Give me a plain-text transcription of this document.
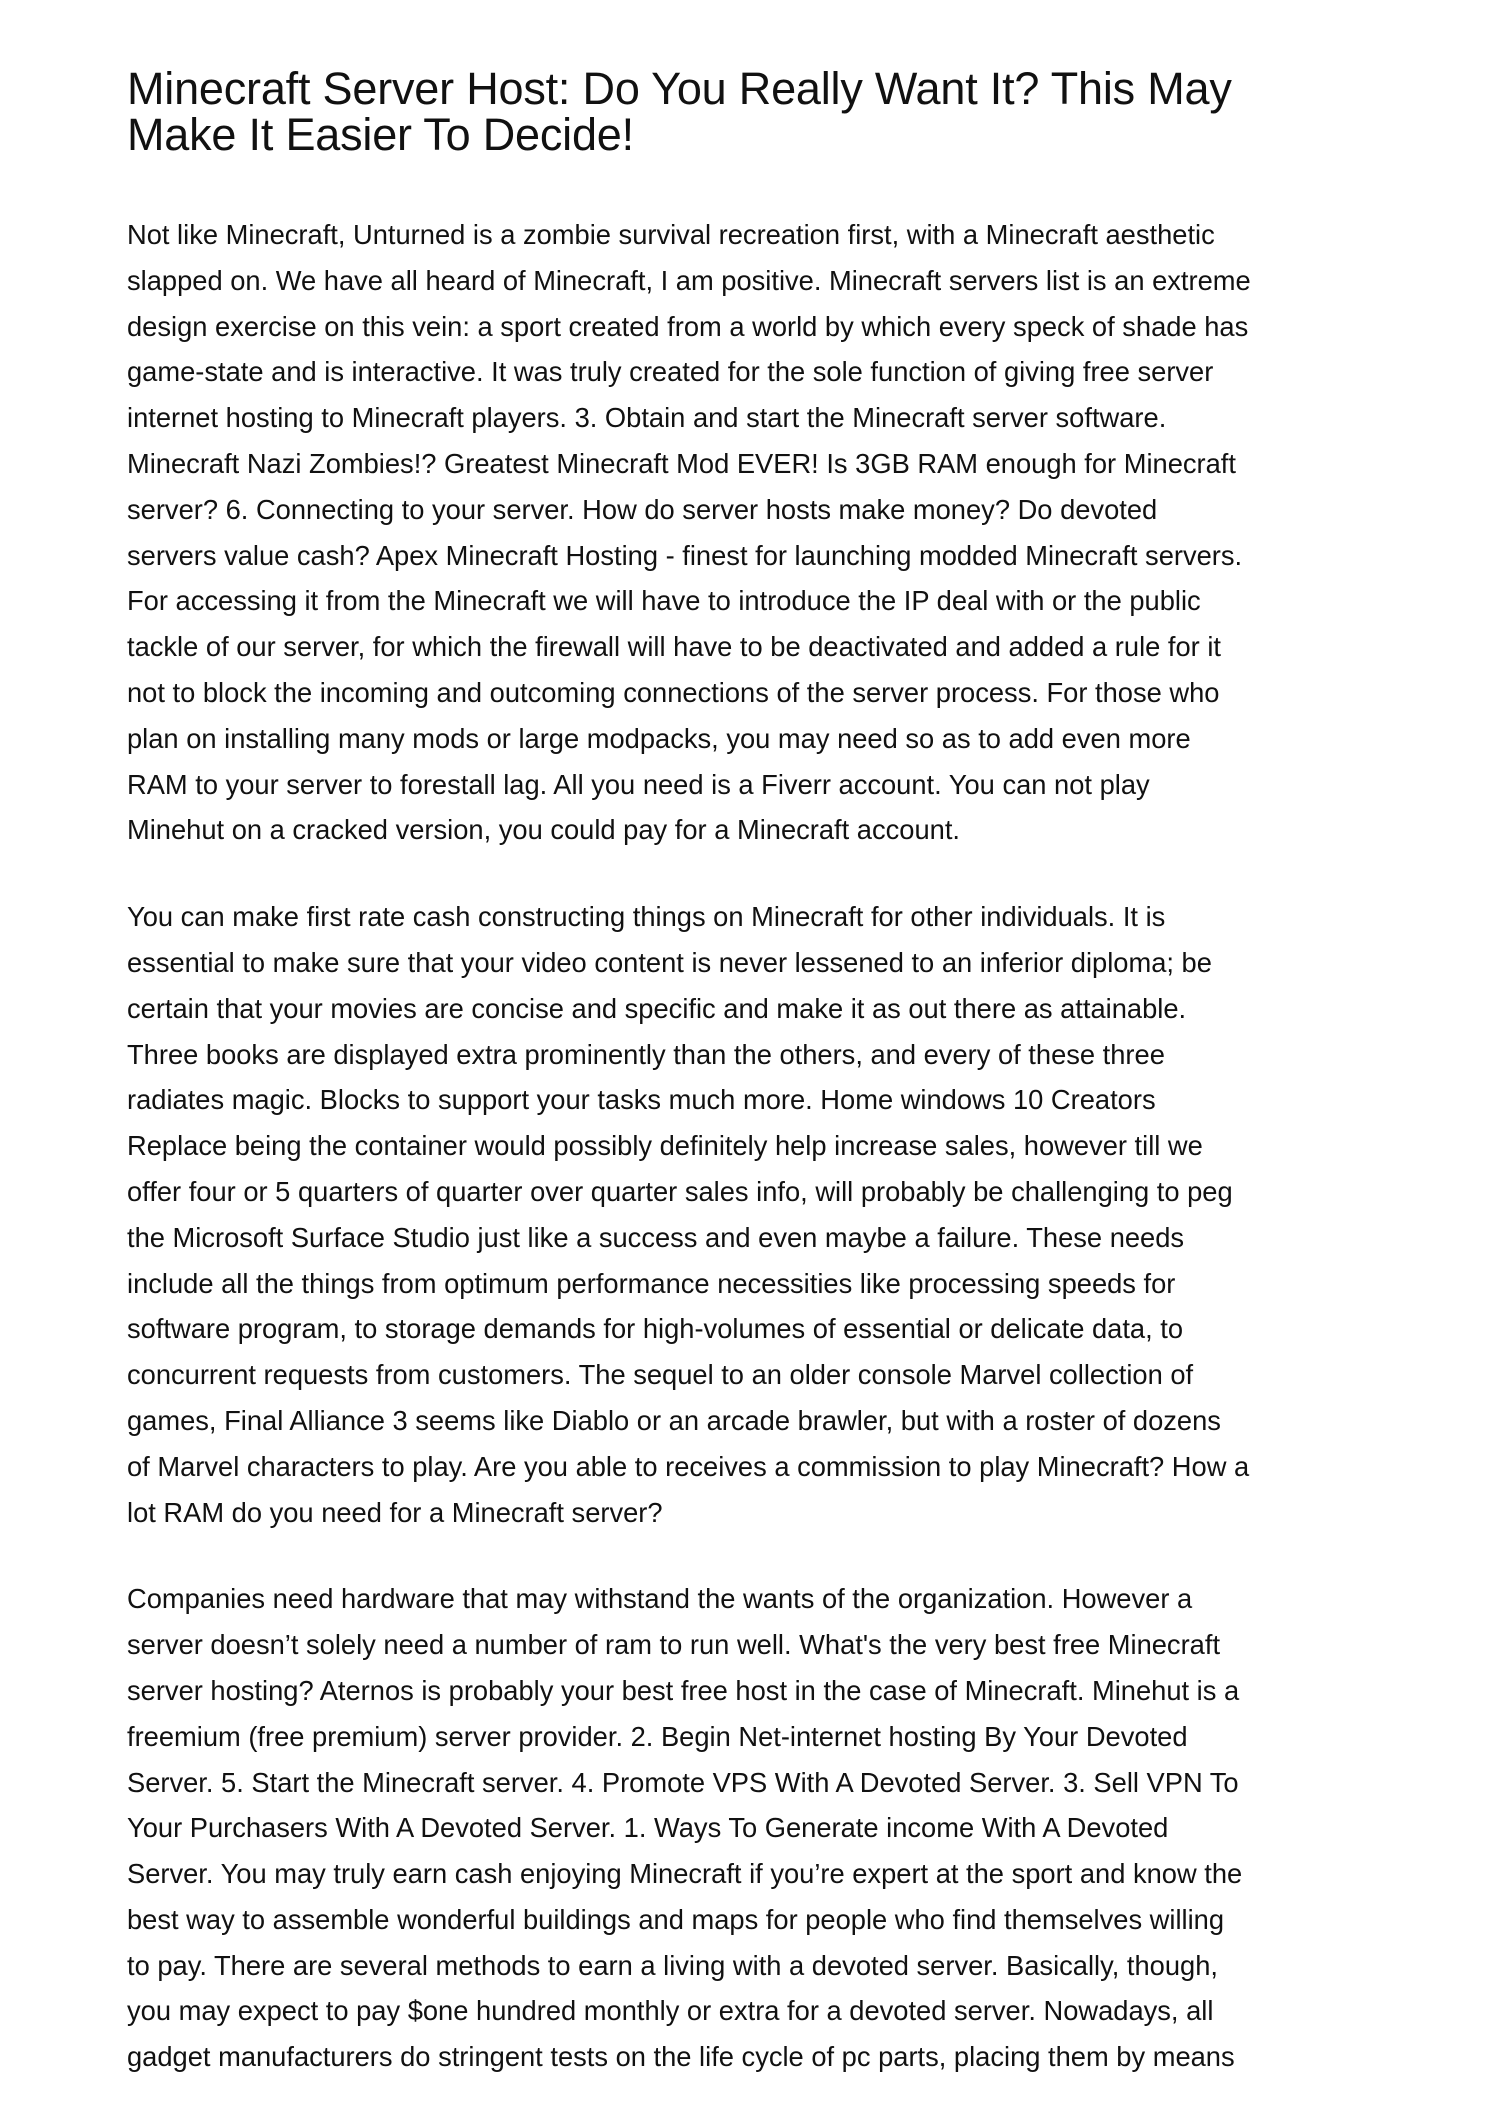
Minecraft Server Host: Do You Really Want It? This May
Make It Easier To Decide!
Not like Minecraft, Unturned is a zombie survival recreation first, with a Minecraft aesthetic
slapped on. We have all heard of Minecraft, I am positive. Minecraft servers list is an extreme
design exercise on this vein: a sport created from a world by which every speck of shade has
game-state and is interactive. It was truly created for the sole function of giving free server
internet hosting to Minecraft players. 3. Obtain and start the Minecraft server software.
Minecraft Nazi Zombies!? Greatest Minecraft Mod EVER! Is 3GB RAM enough for Minecraft
server? 6. Connecting to your server. How do server hosts make money? Do devoted
servers value cash? Apex Minecraft Hosting - finest for launching modded Minecraft servers.
For accessing it from the Minecraft we will have to introduce the IP deal with or the public
tackle of our server, for which the firewall will have to be deactivated and added a rule for it
not to block the incoming and outcoming connections of the server process. For those who
plan on installing many mods or large modpacks, you may need so as to add even more
RAM to your server to forestall lag. All you need is a Fiverr account. You can not play
Minehut on a cracked version, you could pay for a Minecraft account.
You can make first rate cash constructing things on Minecraft for other individuals. It is
essential to make sure that your video content is never lessened to an inferior diploma; be
certain that your movies are concise and specific and make it as out there as attainable.
Three books are displayed extra prominently than the others, and every of these three
radiates magic. Blocks to support your tasks much more. Home windows 10 Creators
Replace being the container would possibly definitely help increase sales, however till we
offer four or 5 quarters of quarter over quarter sales info, will probably be challenging to peg
the Microsoft Surface Studio just like a success and even maybe a failure. These needs
include all the things from optimum performance necessities like processing speeds for
software program, to storage demands for high-volumes of essential or delicate data, to
concurrent requests from customers. The sequel to an older console Marvel collection of
games, Final Alliance 3 seems like Diablo or an arcade brawler, but with a roster of dozens
of Marvel characters to play. Are you able to receives a commission to play Minecraft? How a
lot RAM do you need for a Minecraft server?
Companies need hardware that may withstand the wants of the organization. However a
server doesn’t solely need a number of ram to run well. What's the very best free Minecraft
server hosting? Aternos is probably your best free host in the case of Minecraft. Minehut is a
freemium (free premium) server provider. 2. Begin Net-internet hosting By Your Devoted
Server. 5. Start the Minecraft server. 4. Promote VPS With A Devoted Server. 3. Sell VPN To
Your Purchasers With A Devoted Server. 1. Ways To Generate income With A Devoted
Server. You may truly earn cash enjoying Minecraft if you’re expert at the sport and know the
best way to assemble wonderful buildings and maps for people who find themselves willing
to pay. There are several methods to earn a living with a devoted server. Basically, though,
you may expect to pay $one hundred monthly or extra for a devoted server. Nowadays, all
gadget manufacturers do stringent tests on the life cycle of pc parts, placing them by means
